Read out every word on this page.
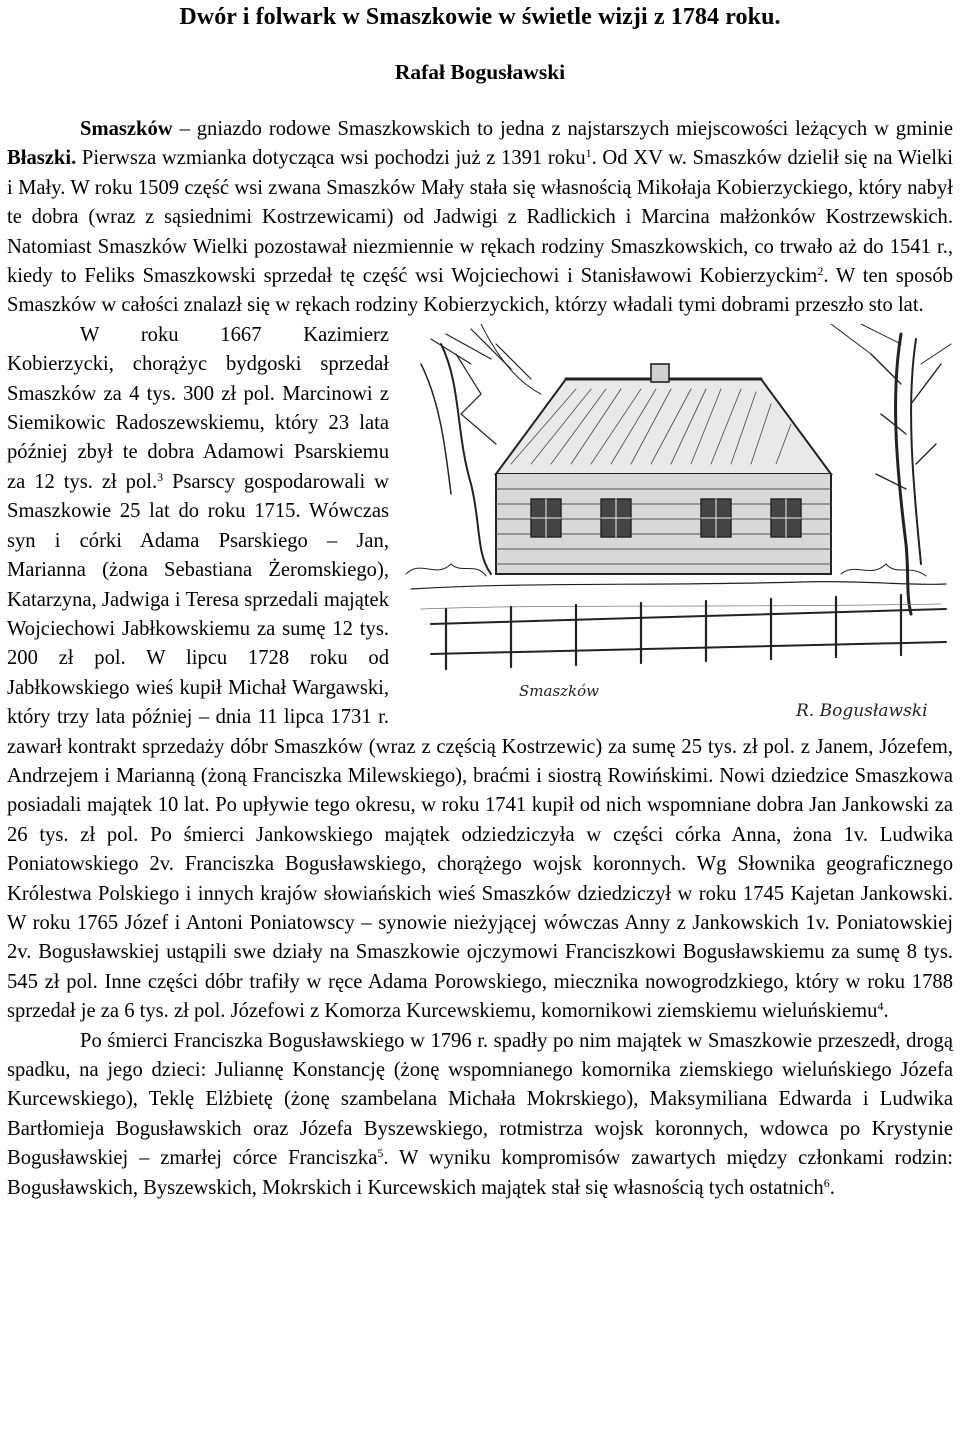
Dwór i folwark w Smaszkowie w świetle wizji z 1784 roku.
Rafał Bogusławski

Smaszków – gniazdo rodowe Smaszkowskich to jedna z najstarszych miejscowości leżących w gminie Błaszki. Pierwsza wzmianka dotycząca wsi pochodzi już z 1391 roku$^1$. Od XV w. Smaszków dzielił się na Wielki i Mały. W roku 1509 część wsi zwana Smaszków Mały stała się własnością Mikołaja Kobierzyckiego, który nabył te dobra (wraz z sąsiednimi Kostrzewicami) od Jadwigi z Radlickich i Marcina małżonków Kostrzewskich. Natomiast Smaszków Wielki pozostawał niezmiennie w rękach rodziny Smaszkowskich, co trwało aż do 1541 r., kiedy to Feliks Smaszkowski sprzedał tę część wsi Wojciechowi i Stanisławowi Kobierzyckim$^2$. W ten sposób Smaszków w całości znalazł się w rękach rodziny Kobierzyckich, którzy władali tymi dobrami przeszło sto lat.

Smaszków
R. Bogusławski

W roku 1667 Kazimierz Kobierzycki, chorążyc bydgoski sprzedał Smaszków za 4 tys. 300 zł pol. Marcinowi z Siemikowic Radoszewskiemu, który 23 lata później zbył te dobra Adamowi Psarskiemu za 12 tys. zł pol.$^3$ Psarscy gospodarowali w Smaszkowie 25 lat do roku 1715. Wówczas syn i córki Adama Psarskiego – Jan, Marianna (żona Sebastiana Żeromskiego), Katarzyna, Jadwiga i Teresa sprzedali majątek Wojciechowi Jabłkowskiemu za sumę 12 tys. 200 zł pol. W lipcu 1728 roku od Jabłkowskiego wieś kupił Michał Wargawski, który trzy lata później – dnia 11 lipca 1731 r. zawarł kontrakt sprzedaży dóbr Smaszków (wraz z częścią Kostrzewic) za sumę 25 tys. zł pol. z Janem, Józefem, Andrzejem i Marianną (żoną Franciszka Milewskiego), braćmi i siostrą Rowińskimi. Nowi dziedzice Smaszkowa posiadali majątek 10 lat. Po upływie tego okresu, w roku 1741 kupił od nich wspomniane dobra Jan Jankowski za 26 tys. zł pol. Po śmierci Jankowskiego majątek odziedziczyła w części córka Anna, żona 1v. Ludwika Poniatowskiego 2v. Franciszka Bogusławskiego, chorążego wojsk koronnych. Wg Słownika geograficznego Królestwa Polskiego i innych krajów słowiańskich wieś Smaszków dziedziczył w roku 1745 Kajetan Jankowski. W roku 1765 Józef i Antoni Poniatowscy – synowie nieżyjącej wówczas Anny z Jankowskich 1v. Poniatowskiej 2v. Bogusławskiej ustąpili swe działy na Smaszkowie ojczymowi Franciszkowi Bogusławskiemu za sumę 8 tys. 545 zł pol. Inne części dóbr trafiły w ręce Adama Porowskiego, miecznika nowogrodzkiego, który w roku 1788 sprzedał je za 6 tys. zł pol. Józefowi z Komorza Kurcewskiemu, komornikowi ziemskiemu wieluńskiemu$^4$.

Po śmierci Franciszka Bogusławskiego w 1796 r. spadły po nim majątek w Smaszkowie przeszedł, drogą spadku, na jego dzieci: Juliannę Konstancję (żonę wspomnianego komornika ziemskiego wieluńskiego Józefa Kurcewskiego), Teklę Elżbietę (żonę szambelana Michała Mokrskiego), Maksymiliana Edwarda i Ludwika Bartłomieja Bogusławskich oraz Józefa Byszewskiego, rotmistrza wojsk koronnych, wdowca po Krystynie Bogusławskiej – zmarłej córce Franciszka$^5$. W wyniku kompromisów zawartych między członkami rodzin: Bogusławskich, Byszewskich, Mokrskich i Kurcewskich majątek stał się własnością tych ostatnich$^6$.
